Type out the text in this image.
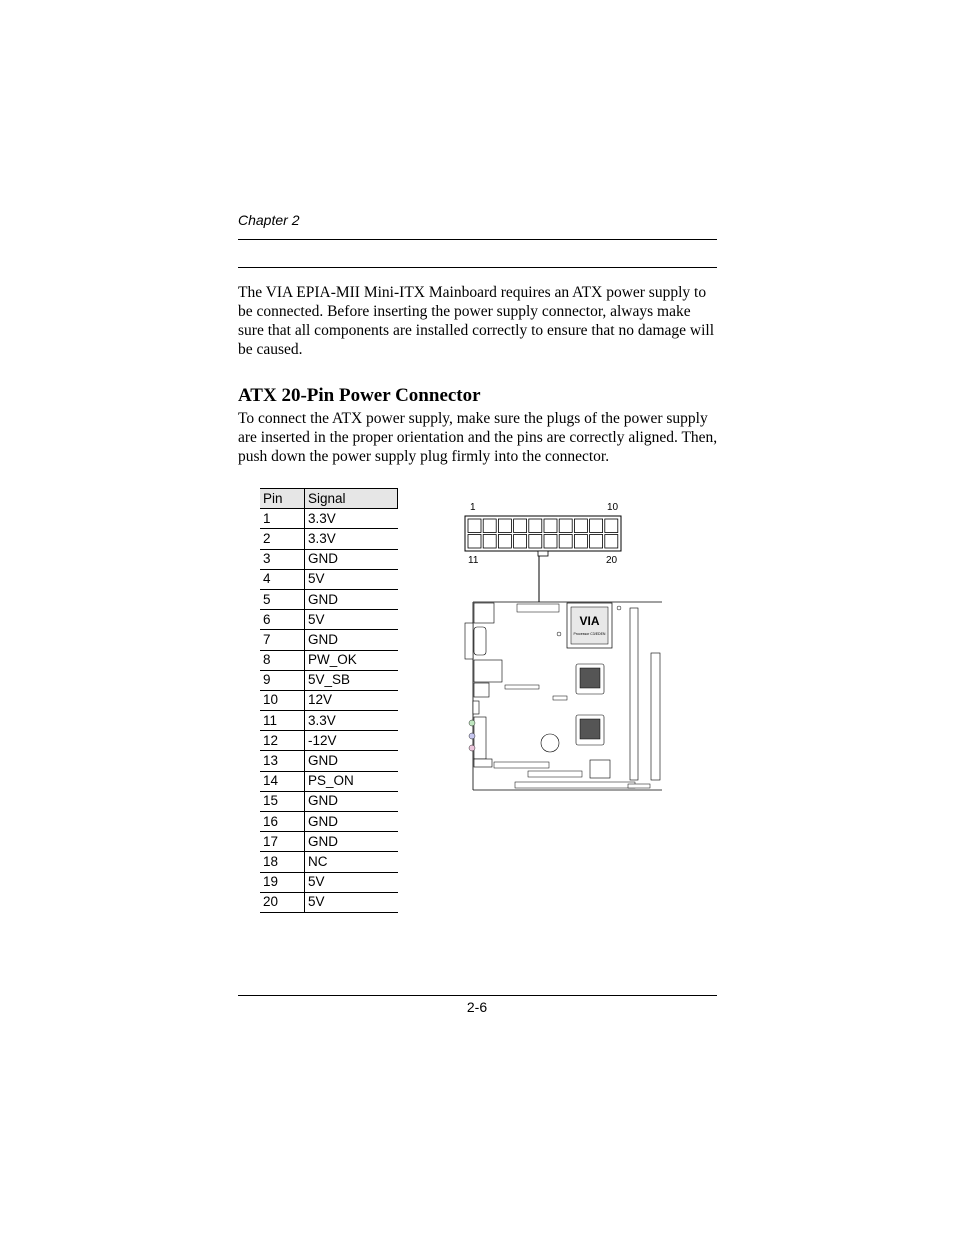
Chapter 2
The VIA EPIA-MII Mini-ITX Mainboard requires an ATX power supply to be connected. Before inserting the power supply connector, always make sure that all components are installed correctly to ensure that no damage will be caused.
ATX 20-Pin Power Connector
To connect the ATX power supply, make sure the plugs of the power supply are inserted in the proper orientation and the pins are correctly aligned. Then, push down the power supply plug firmly into the connector.
Pin	Signal
1	3.3V
2	3.3V
3	GND
4	5V
5	GND
6	5V
7	GND
8	PW_OK
9	5V_SB
10	12V
11	3.3V
12	-12V
13	GND
14	PS_ON
15	GND
16	GND
17	GND
18	NC
19	5V
20	5V
1	10
11	20
VIA
Processor C3/EDEN
2-6
